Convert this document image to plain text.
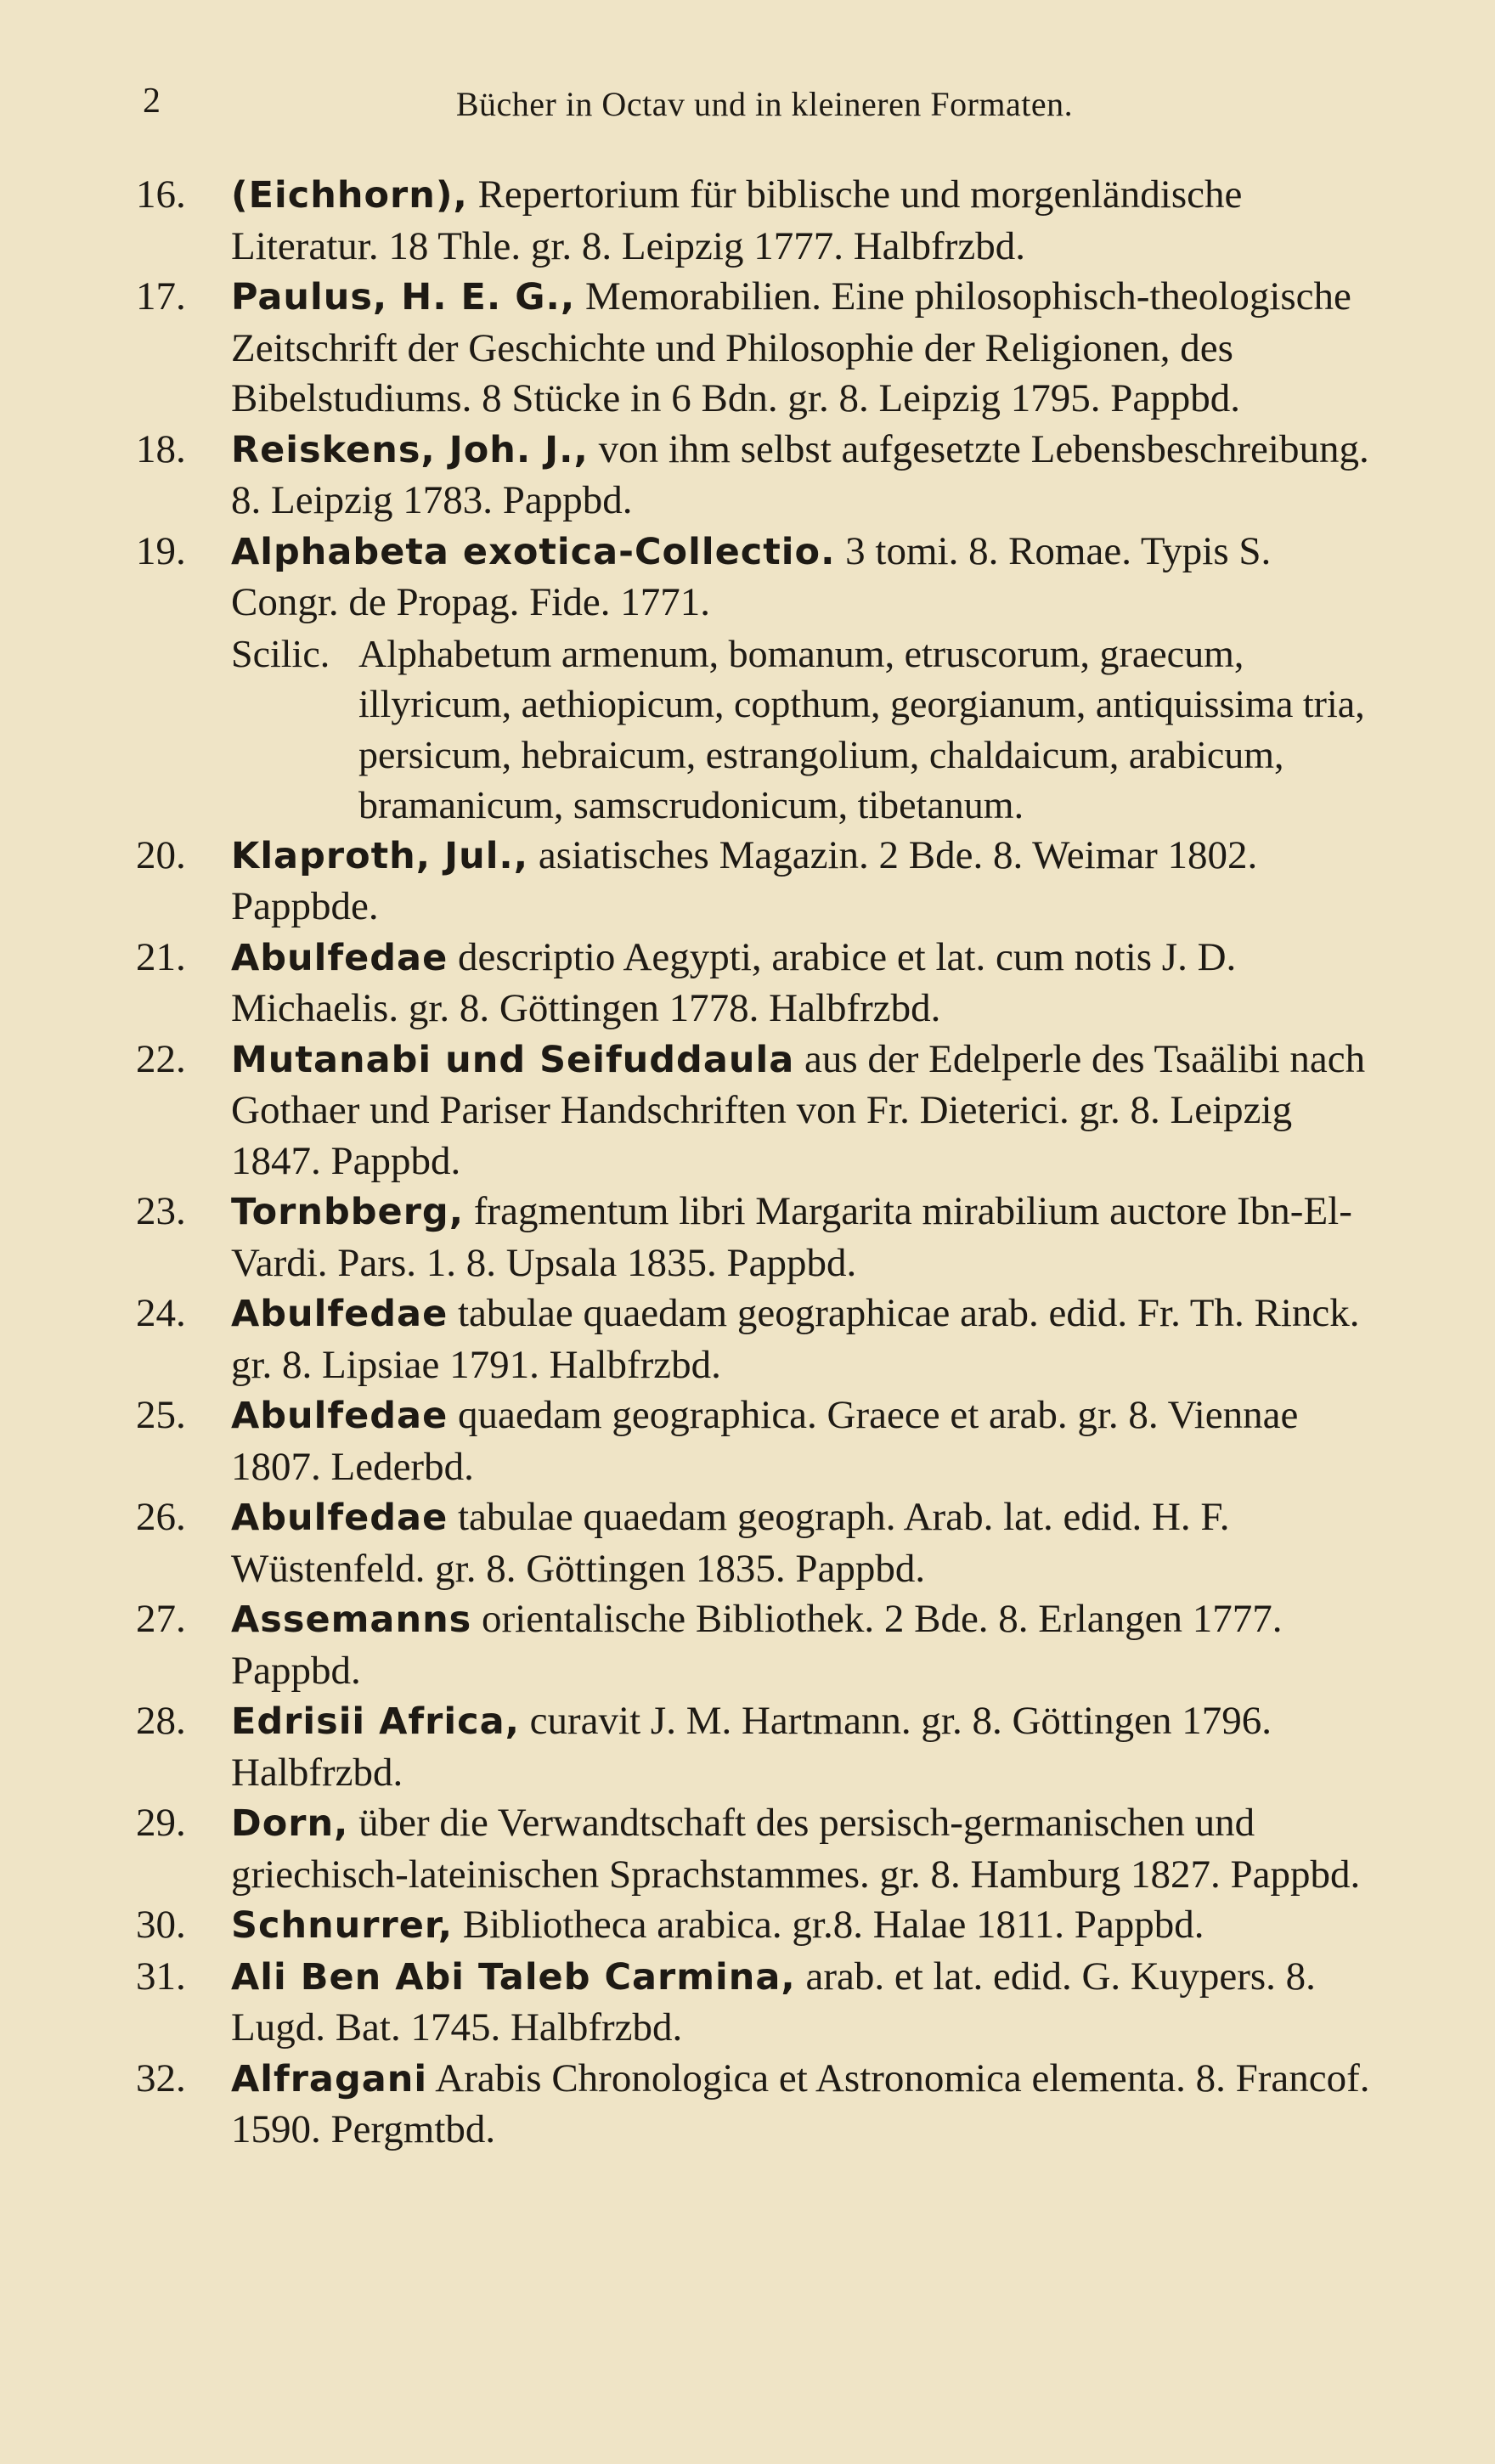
2	Bücher in Octav und in kleineren Formaten.

16.	(Eichhorn), Repertorium für biblische und morgenländische Literatur. 18 Thle. gr. 8. Leipzig 1777. Halbfrzbd.

17.	Paulus, H. E. G., Memorabilien. Eine philosophisch-theologische Zeitschrift der Geschichte und Philosophie der Religionen, des Bibelstudiums. 8 Stücke in 6 Bdn. gr. 8. Leipzig 1795. Pappbd.

18.	Reiskens, Joh. J., von ihm selbst aufgesetzte Lebensbeschreibung. 8. Leipzig 1783. Pappbd.

19.	Alphabeta exotica-Collectio. 3 tomi. 8. Romae. Typis S. Congr. de Propag. Fide. 1771.

Scilic. Alphabetum armenum, bomanum, etruscorum, graecum, illyricum, aethiopicum, copthum, georgianum, antiquissima tria, persicum, hebraicum, estrangolium, chaldaicum, arabicum, bramanicum, samscrudonicum, tibetanum.

20.	Klaproth, Jul., asiatisches Magazin. 2 Bde. 8. Weimar 1802. Pappbde.

21.	Abulfedae descriptio Aegypti, arabice et lat. cum notis J. D. Michaelis. gr. 8. Göttingen 1778. Halbfrzbd.

22.	Mutanabi und Seifuddaula aus der Edelperle des Tsaälibi nach Gothaer und Pariser Handschriften von Fr. Dieterici. gr. 8. Leipzig 1847. Pappbd.

23.	Tornbberg, fragmentum libri Margarita mirabilium auctore Ibn-El-Vardi. Pars. 1. 8. Upsala 1835. Pappbd.

24.	Abulfedae tabulae quaedam geographicae arab. edid. Fr. Th. Rinck. gr. 8. Lipsiae 1791. Halbfrzbd.

25.	Abulfedae quaedam geographica. Graece et arab. gr. 8. Viennae 1807. Lederbd.

26.	Abulfedae tabulae quaedam geograph. Arab. lat. edid. H. F. Wüstenfeld. gr. 8. Göttingen 1835. Pappbd.

27.	Assemanns orientalische Bibliothek. 2 Bde. 8. Erlangen 1777. Pappbd.

28.	Edrisii Africa, curavit J. M. Hartmann. gr. 8. Göttingen 1796. Halbfrzbd.

29.	Dorn, über die Verwandtschaft des persisch-germanischen und griechisch-lateinischen Sprachstammes. gr. 8. Hamburg 1827. Pappbd.

30.	Schnurrer, Bibliotheca arabica. gr.8. Halae 1811. Pappbd.

31.	Ali Ben Abi Taleb Carmina, arab. et lat. edid. G. Kuypers. 8. Lugd. Bat. 1745. Halbfrzbd.

32.	Alfragani Arabis Chronologica et Astronomica elementa. 8. Francof. 1590. Pergmtbd.
